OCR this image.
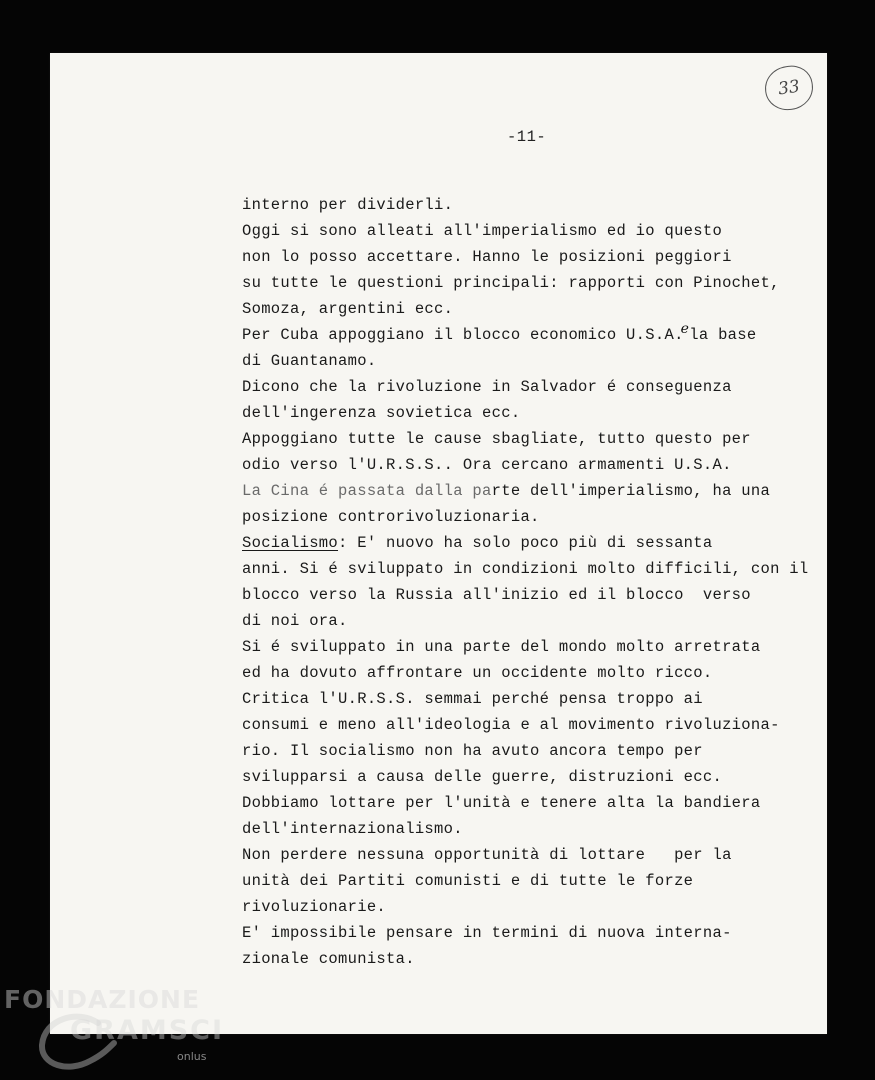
-11-
33
interno per dividerli.
Oggi si sono alleati all'imperialismo ed io questo
non lo posso accettare. Hanno le posizioni peggiori
su tutte le questioni principali: rapporti con Pinochet,
Somoza, argentini ecc.
Per Cuba appoggiano il blocco economico U.S.A.ela base
di Guantanamo.
Dicono che la rivoluzione in Salvador é conseguenza
dell'ingerenza sovietica ecc.
Appoggiano tutte le cause sbagliate, tutto questo per
odio verso l'U.R.S.S.. Ora cercano armamenti U.S.A.
La Cina é passata dalla parte dell'imperialismo, ha una
posizione controrivoluzionaria.
Socialismo: E' nuovo ha solo poco più di sessanta
anni. Si é sviluppato in condizioni molto difficili, con il
blocco verso la Russia all'inizio ed il blocco  verso
di noi ora.
Si é sviluppato in una parte del mondo molto arretrata
ed ha dovuto affrontare un occidente molto ricco.
Critica l'U.R.S.S. semmai perché pensa troppo ai
consumi e meno all'ideologia e al movimento rivoluziona-
rio. Il socialismo non ha avuto ancora tempo per
svilupparsi a causa delle guerre, distruzioni ecc.
Dobbiamo lottare per l'unità e tenere alta la bandiera
dell'internazionalismo.
Non perdere nessuna opportunità di lottare   per la
unità dei Partiti comunisti e di tutte le forze
rivoluzionarie.
E' impossibile pensare in termini di nuova interna-
zionale comunista.
FONDAZIONE
GRAMSCI
onlus
